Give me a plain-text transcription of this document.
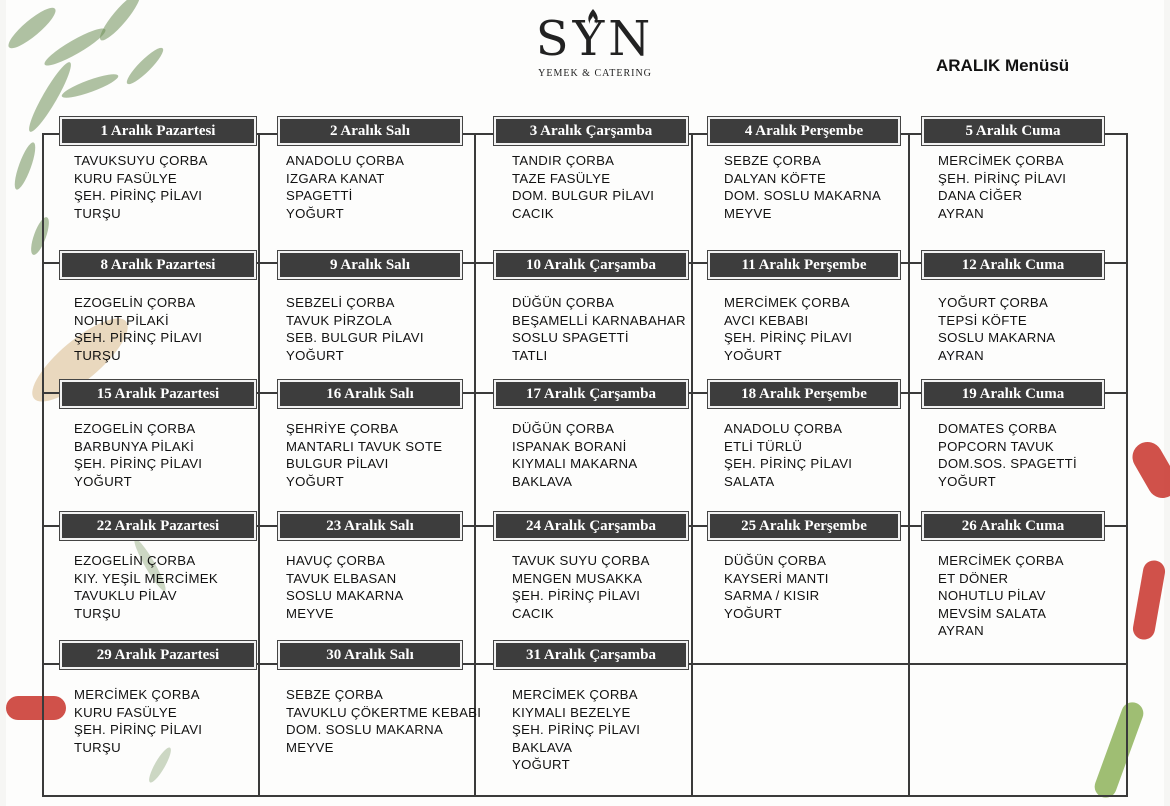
SYN
YEMEK & CATERING	ARALIK Menüsü
1 Aralık Pazartesi
TAVUKSUYU ÇORBA
KURU FASÜLYE
ŞEH. PİRİNÇ PİLAVI
TURŞU
2 Aralık Salı
ANADOLU ÇORBA
IZGARA KANAT
SPAGETTİ
YOĞURT
3 Aralık Çarşamba
TANDIR ÇORBA
TAZE FASÜLYE
DOM. BULGUR PİLAVI
CACIK
4 Aralık Perşembe
SEBZE ÇORBA
DALYAN KÖFTE
DOM. SOSLU MAKARNA
MEYVE
5 Aralık Cuma
MERCİMEK ÇORBA
ŞEH. PİRİNÇ PİLAVI
DANA CİĞER
AYRAN
8 Aralık Pazartesi
EZOGELİN ÇORBA
NOHUT PİLAKİ
ŞEH. PİRİNÇ PİLAVI
TURŞU
9 Aralık Salı
SEBZELİ ÇORBA
TAVUK PİRZOLA
SEB. BULGUR PİLAVI
YOĞURT
10 Aralık Çarşamba
DÜĞÜN ÇORBA
BEŞAMELLİ KARNABAHAR
SOSLU SPAGETTİ
TATLI
11 Aralık Perşembe
MERCİMEK ÇORBA
AVCI KEBABI
ŞEH. PİRİNÇ PİLAVI
YOĞURT
12 Aralık Cuma
YOĞURT ÇORBA
TEPSİ KÖFTE
SOSLU MAKARNA
AYRAN
15 Aralık Pazartesi
EZOGELİN ÇORBA
BARBUNYA PİLAKİ
ŞEH. PİRİNÇ PİLAVI
YOĞURT
16 Aralık Salı
ŞEHRİYE ÇORBA
MANTARLI TAVUK SOTE
BULGUR PİLAVI
YOĞURT
17 Aralık Çarşamba
DÜĞÜN ÇORBA
ISPANAK BORANİ
KIYMALI MAKARNA
BAKLAVA
18 Aralık Perşembe
ANADOLU ÇORBA
ETLİ TÜRLÜ
ŞEH. PİRİNÇ PİLAVI
SALATA
19 Aralık Cuma
DOMATES ÇORBA
POPCORN TAVUK
DOM.SOS. SPAGETTİ
YOĞURT
22 Aralık Pazartesi
EZOGELİN ÇORBA
KIY. YEŞİL MERCİMEK
TAVUKLU PİLAV
TURŞU
23 Aralık Salı
HAVUÇ ÇORBA
TAVUK ELBASAN
SOSLU MAKARNA
MEYVE
24 Aralık Çarşamba
TAVUK SUYU ÇORBA
MENGEN MUSAKKA
ŞEH. PİRİNÇ PİLAVI
CACIK
25 Aralık Perşembe
DÜĞÜN ÇORBA
KAYSERİ MANTI
SARMA / KISIR
YOĞURT
26 Aralık Cuma
MERCİMEK ÇORBA
ET DÖNER
NOHUTLU PİLAV
MEVSİM SALATA
AYRAN
29 Aralık Pazartesi
MERCİMEK ÇORBA
KURU FASÜLYE
ŞEH. PİRİNÇ PİLAVI
TURŞU
30 Aralık Salı
SEBZE ÇORBA
TAVUKLU ÇÖKERTME KEBABI
DOM. SOSLU MAKARNA
MEYVE
31 Aralık Çarşamba
MERCİMEK ÇORBA
KIYMALI BEZELYE
ŞEH. PİRİNÇ PİLAVI
BAKLAVA
YOĞURT
